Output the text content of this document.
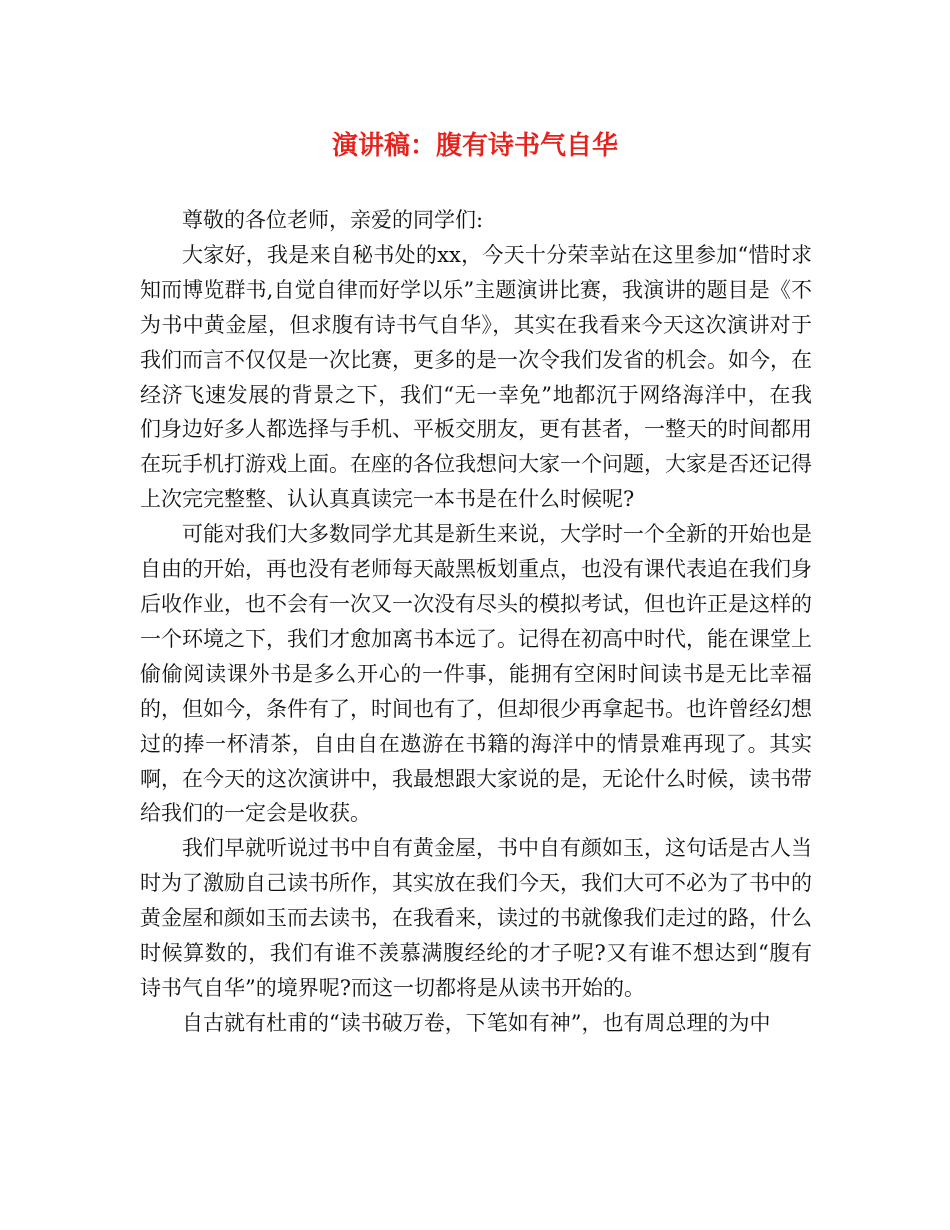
演讲稿：腹有诗书气自华

尊敬的各位老师，亲爱的同学们:

大家好，我是来自秘书处的xx，今天十分荣幸站在这里参加“惜时求知而博览群书,自觉自律而好学以乐”主题演讲比赛，我演讲的题目是《不为书中黄金屋，但求腹有诗书气自华》，其实在我看来今天这次演讲对于我们而言不仅仅是一次比赛，更多的是一次令我们发省的机会。如今，在经济飞速发展的背景之下，我们“无一幸免”地都沉于网络海洋中，在我们身边好多人都选择与手机、平板交朋友，更有甚者，一整天的时间都用在玩手机打游戏上面。在座的各位我想问大家一个问题，大家是否还记得上次完完整整、认认真真读完一本书是在什么时候呢?

可能对我们大多数同学尤其是新生来说，大学时一个全新的开始也是自由的开始，再也没有老师每天敲黑板划重点，也没有课代表追在我们身后收作业，也不会有一次又一次没有尽头的模拟考试，但也许正是这样的一个环境之下，我们才愈加离书本远了。记得在初高中时代，能在课堂上偷偷阅读课外书是多么开心的一件事，能拥有空闲时间读书是无比幸福的，但如今，条件有了，时间也有了，但却很少再拿起书。也许曾经幻想过的捧一杯清茶，自由自在遨游在书籍的海洋中的情景难再现了。其实啊，在今天的这次演讲中，我最想跟大家说的是，无论什么时候，读书带给我们的一定会是收获。

我们早就听说过书中自有黄金屋，书中自有颜如玉，这句话是古人当时为了激励自己读书所作，其实放在我们今天，我们大可不必为了书中的黄金屋和颜如玉而去读书，在我看来，读过的书就像我们走过的路，什么时候算数的，我们有谁不羡慕满腹经纶的才子呢?又有谁不想达到“腹有诗书气自华”的境界呢?而这一切都将是从读书开始的。

自古就有杜甫的“读书破万卷，下笔如有神”，也有周总理的为中
